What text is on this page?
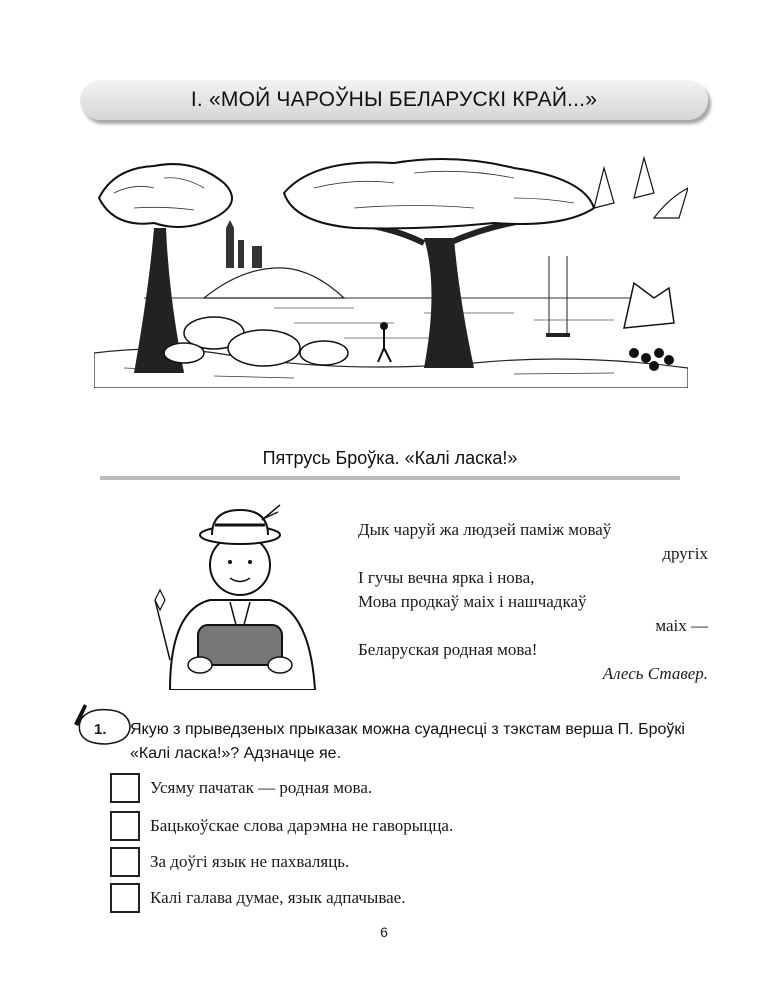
І. «МОЙ ЧАРОЎНЫ БЕЛАРУСКІ КРАЙ...»
Пятрусь Броўка. «Калі ласка!»
Дык чаруй жа людзей паміж моваў
другіх
І гучы вечна ярка і нова,
Мова продкаў маіх і нашчадкаў
маіх —
Беларуская родная мова!
Алесь Ставер.
1. Якую з прыведзеных прыказак можна суаднесці з тэкстам верша П. Броўкі «Калі ласка!»? Адзначце яе.
Усяму пачатак — родная мова.
Бацькоўскае слова дарэмна не гаворыцца.
За доўгі язык не пахваляць.
Калі галава думае, язык адпачывае.
6
